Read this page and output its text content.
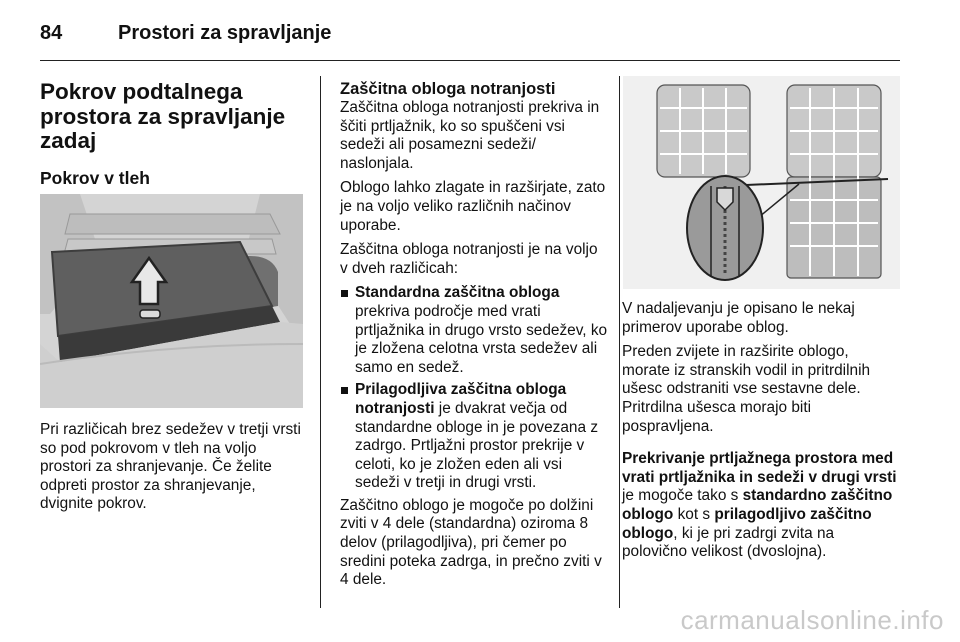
84	Prostori za spravljanje
Pokrov podtalnega prostora za spravljanje zadaj
Pokrov v tleh

Pri različicah brez sedežev v tretji vrsti so pod pokrovom v tleh na voljo prostori za shranjevanje. Če želite odpreti prostor za shranjevanje, dvignite pokrov.

Zaščitna obloga notranjosti

Zaščitna obloga notranjosti prekriva in ščiti prtljažnik, ko so spuščeni vsi sedeži ali posamezni sedeži/ naslonjala.

Oblogo lahko zlagate in razširjate, zato je na voljo veliko različnih načinov uporabe.

Zaščitna obloga notranjosti je na voljo v dveh različicah:

Standardna zaščitna obloga
prekriva področje med vrati prtljažnika in drugo vrsto sedežev, ko je zložena celotna vrsta sedežev ali samo en sedež.
Prilagodljiva zaščitna obloga notranjosti je dvakrat večja od standardne obloge in je povezana z zadrgo. Prtljažni prostor prekrije v celoti, ko je zložen eden ali vsi sedeži v tretji in drugi vrsti.

Zaščitno oblogo je mogoče po dolžini zviti v 4 dele (standardna) oziroma 8 delov (prilagodljiva), pri čemer po sredini poteka zadrga, in prečno zviti v 4 dele.

V nadaljevanju je opisano le nekaj primerov uporabe oblog.

Preden zvijete in razširite oblogo, morate iz stranskih vodil in pritrdilnih ušesc odstraniti vse sestavne dele. Pritrdilna ušesca morajo biti pospravljena.

Prekrivanje prtljažnega prostora med vrati prtljažnika in sedeži v drugi vrsti je mogoče tako s standardno zaščitno oblogo kot s prilagodljivo zaščitno oblogo, ki je pri zadrgi zvita na polovično velikost (dvoslojna).

carmanualsonline.info
